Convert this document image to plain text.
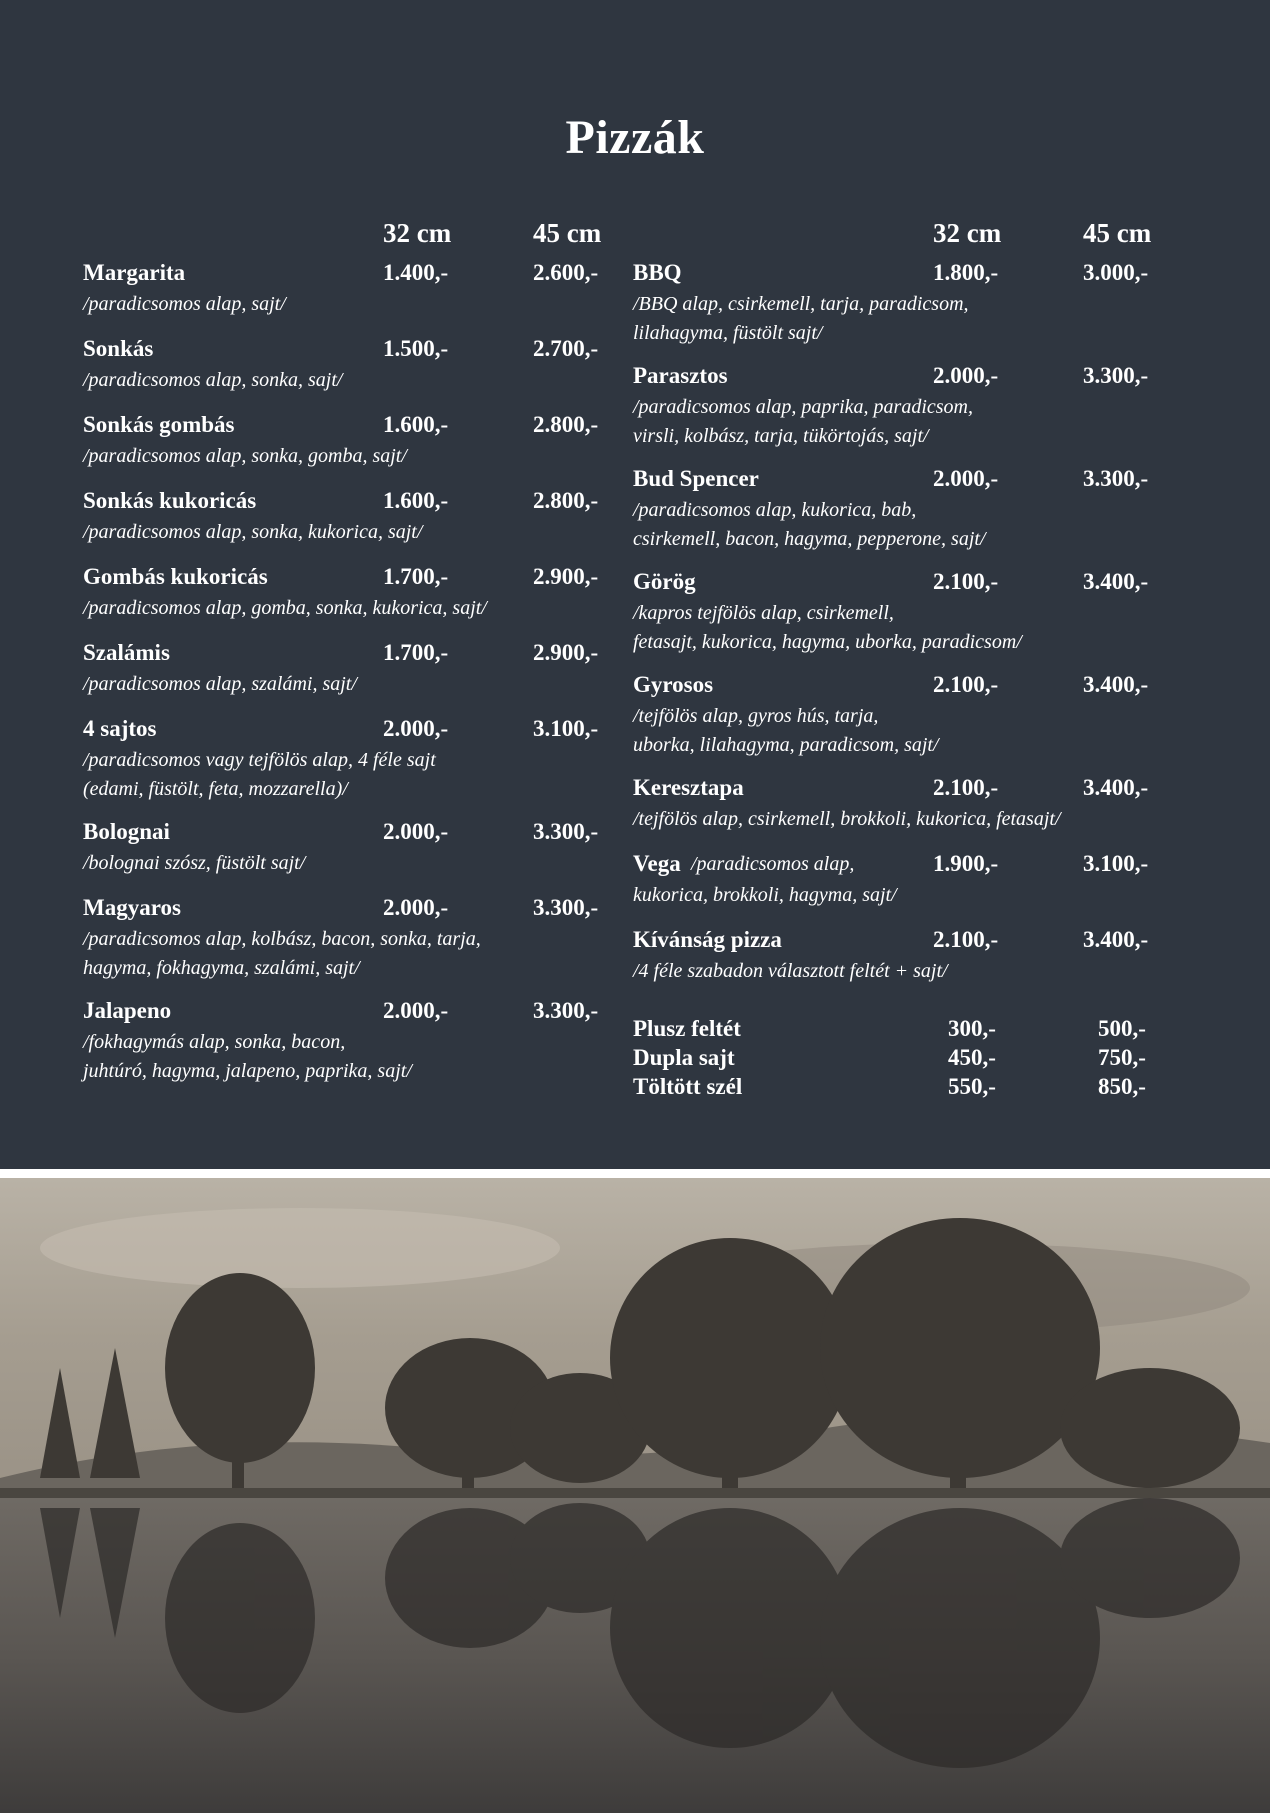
Pizzák
32 cm	45 cm
Margarita	1.400,-	2.600,-
/paradicsomos alap, sajt/
Sonkás	1.500,-	2.700,-
/paradicsomos alap, sonka, sajt/
Sonkás gombás	1.600,-	2.800,-
/paradicsomos alap, sonka, gomba, sajt/
Sonkás kukoricás	1.600,-	2.800,-
/paradicsomos alap, sonka, kukorica, sajt/
Gombás kukoricás	1.700,-	2.900,-
/paradicsomos alap, gomba, sonka, kukorica, sajt/
Szalámis	1.700,-	2.900,-
/paradicsomos alap, szalámi, sajt/
4 sajtos	2.000,-	3.100,-
/paradicsomos vagy tejfölös alap, 4 féle sajt
(edami, füstölt, feta, mozzarella)/
Bolognai	2.000,-	3.300,-
/bolognai szósz, füstölt sajt/
Magyaros	2.000,-	3.300,-
/paradicsomos alap, kolbász, bacon, sonka, tarja,
hagyma, fokhagyma, szalámi, sajt/
Jalapeno	2.000,-	3.300,-
/fokhagymás alap, sonka, bacon,
juhtúró, hagyma, jalapeno, paprika, sajt/
32 cm	45 cm
BBQ	1.800,-	3.000,-
/BBQ alap, csirkemell, tarja, paradicsom,
lilahagyma, füstölt sajt/
Parasztos	2.000,-	3.300,-
/paradicsomos alap, paprika, paradicsom,
virsli, kolbász, tarja, tükörtojás, sajt/
Bud Spencer	2.000,-	3.300,-
/paradicsomos alap, kukorica, bab,
csirkemell, bacon, hagyma, pepperone, sajt/
Görög	2.100,-	3.400,-
/kapros tejfölös alap, csirkemell,
fetasajt, kukorica, hagyma, uborka, paradicsom/
Gyrosos	2.100,-	3.400,-
/tejfölös alap, gyros hús, tarja,
uborka, lilahagyma, paradicsom, sajt/
Keresztapa	2.100,-	3.400,-
/tejfölös alap, csirkemell, brokkoli, kukorica, fetasajt/
Vega /paradicsomos alap,	1.900,-	3.100,-
kukorica, brokkoli, hagyma, sajt/
Kívánság pizza	2.100,-	3.400,-
/4 féle szabadon választott feltét + sajt/
Plusz feltét	300,-	500,-
Dupla sajt	450,-	750,-
Töltött szél	550,-	850,-
